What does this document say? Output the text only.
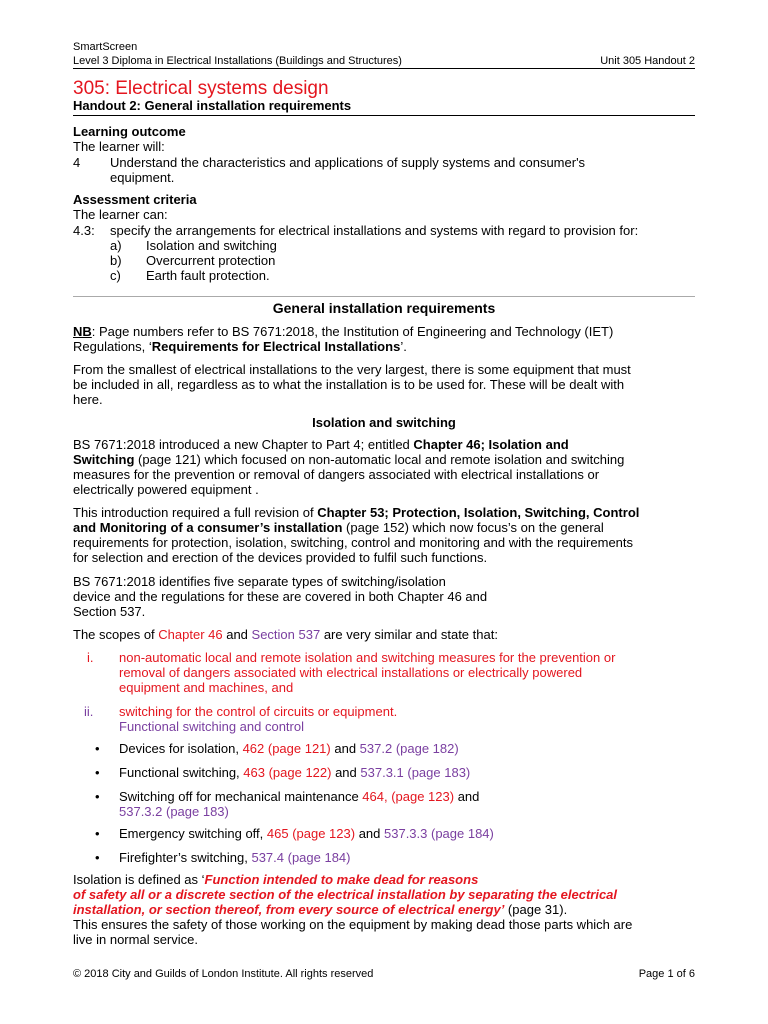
SmartScreen
Level 3 Diploma in Electrical Installations (Buildings and Structures)	Unit 305 Handout 2
305: Electrical systems design
Handout 2: General installation requirements
Learning outcome
The learner will:
4 Understand the characteristics and applications of supply systems and consumer's
equipment.
Assessment criteria
The learner can:
4.3: specify the arrangements for electrical installations and systems with regard to provision for:
a) Isolation and switching
b) Overcurrent protection
c) Earth fault protection.
General installation requirements
NB: Page numbers refer to BS 7671:2018, the Institution of Engineering and Technology (IET)
Regulations, ‘Requirements for Electrical Installations’.
From the smallest of electrical installations to the very largest, there is some equipment that must
be included in all, regardless as to what the installation is to be used for. These will be dealt with
here.
Isolation and switching
BS 7671:2018 introduced a new Chapter to Part 4; entitled Chapter 46; Isolation and
Switching (page 121) which focused on non-automatic local and remote isolation and switching
measures for the prevention or removal of dangers associated with electrical installations or
electrically powered equipment .
This introduction required a full revision of Chapter 53; Protection, Isolation, Switching, Control
and Monitoring of a consumer’s installation (page 152) which now focus’s on the general
requirements for protection, isolation, switching, control and monitoring and with the requirements
for selection and erection of the devices provided to fulfil such functions.
BS 7671:2018 identifies five separate types of switching/isolation
device and the regulations for these are covered in both Chapter 46 and
Section 537.
The scopes of Chapter 46 and Section 537 are very similar and state that:
i. non-automatic local and remote isolation and switching measures for the prevention or
removal of dangers associated with electrical installations or electrically powered
equipment and machines, and
ii. switching for the control of circuits or equipment.
Functional switching and control
• Devices for isolation, 462 (page 121) and 537.2 (page 182)
• Functional switching, 463 (page 122) and 537.3.1 (page 183)
• Switching off for mechanical maintenance 464, (page 123) and
537.3.2 (page 183)
• Emergency switching off, 465 (page 123) and 537.3.3 (page 184)
• Firefighter’s switching, 537.4 (page 184)
Isolation is defined as ‘Function intended to make dead for reasons
of safety all or a discrete section of the electrical installation by separating the electrical
installation, or section thereof, from every source of electrical energy’ (page 31).
This ensures the safety of those working on the equipment by making dead those parts which are
live in normal service.
© 2018 City and Guilds of London Institute. All rights reserved	Page 1 of 6
